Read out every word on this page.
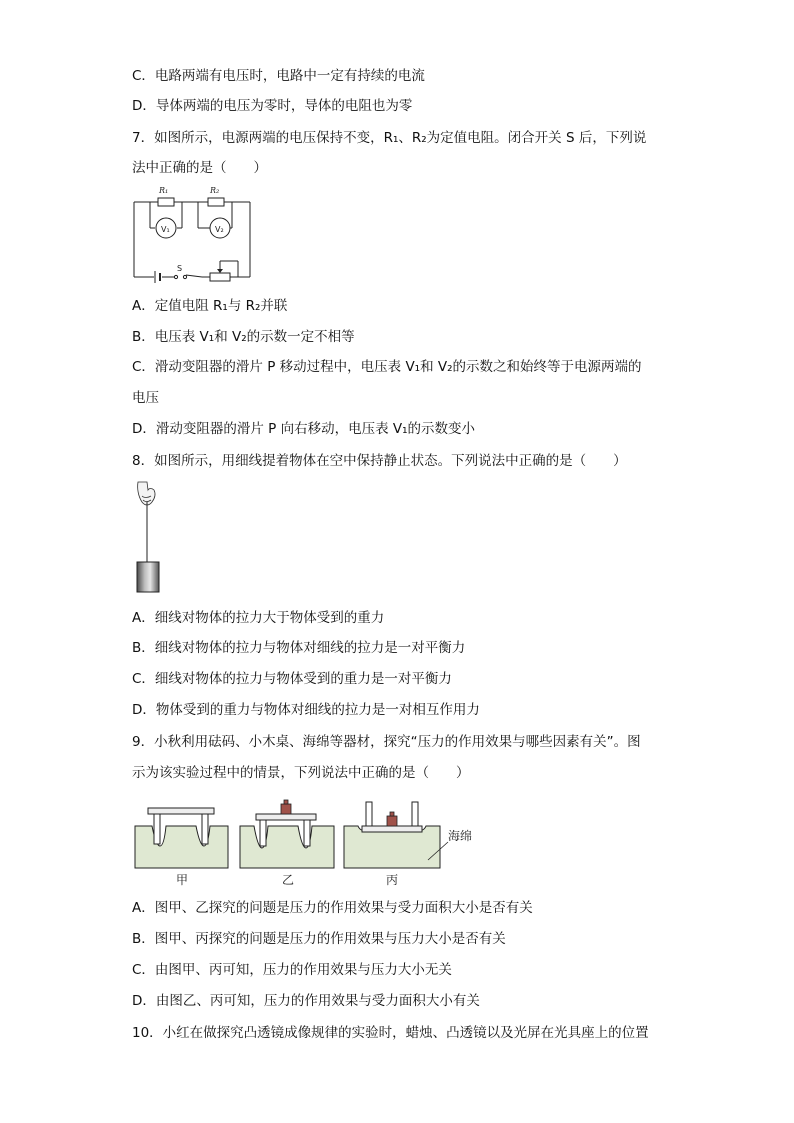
C．电路两端有电压时，电路中一定有持续的电流
D．导体两端的电压为零时，导体的电阻也为零
7．如图所示，电源两端的电压保持不变，R₁、R₂为定值电阻。闭合开关 S 后，下列说
法中正确的是（　　）
R₁	R₂
V₁	V₂
S
A．定值电阻 R₁与 R₂并联
B．电压表 V₁和 V₂的示数一定不相等
C．滑动变阻器的滑片 P 移动过程中，电压表 V₁和 V₂的示数之和始终等于电源两端的
电压
D．滑动变阻器的滑片 P 向右移动，电压表 V₁的示数变小
8．如图所示，用细线提着物体在空中保持静止状态。下列说法中正确的是（　　）
A．细线对物体的拉力大于物体受到的重力
B．细线对物体的拉力与物体对细线的拉力是一对平衡力
C．细线对物体的拉力与物体受到的重力是一对平衡力
D．物体受到的重力与物体对细线的拉力是一对相互作用力
9．小秋利用砝码、小木桌、海绵等器材，探究“压力的作用效果与哪些因素有关”。图
示为该实验过程中的情景，下列说法中正确的是（　　）
海绵
甲	乙	丙
A．图甲、乙探究的问题是压力的作用效果与受力面积大小是否有关
B．图甲、丙探究的问题是压力的作用效果与压力大小是否有关
C．由图甲、丙可知，压力的作用效果与压力大小无关
D．由图乙、丙可知，压力的作用效果与受力面积大小有关
10．小红在做探究凸透镜成像规律的实验时，蜡烛、凸透镜以及光屏在光具座上的位置
